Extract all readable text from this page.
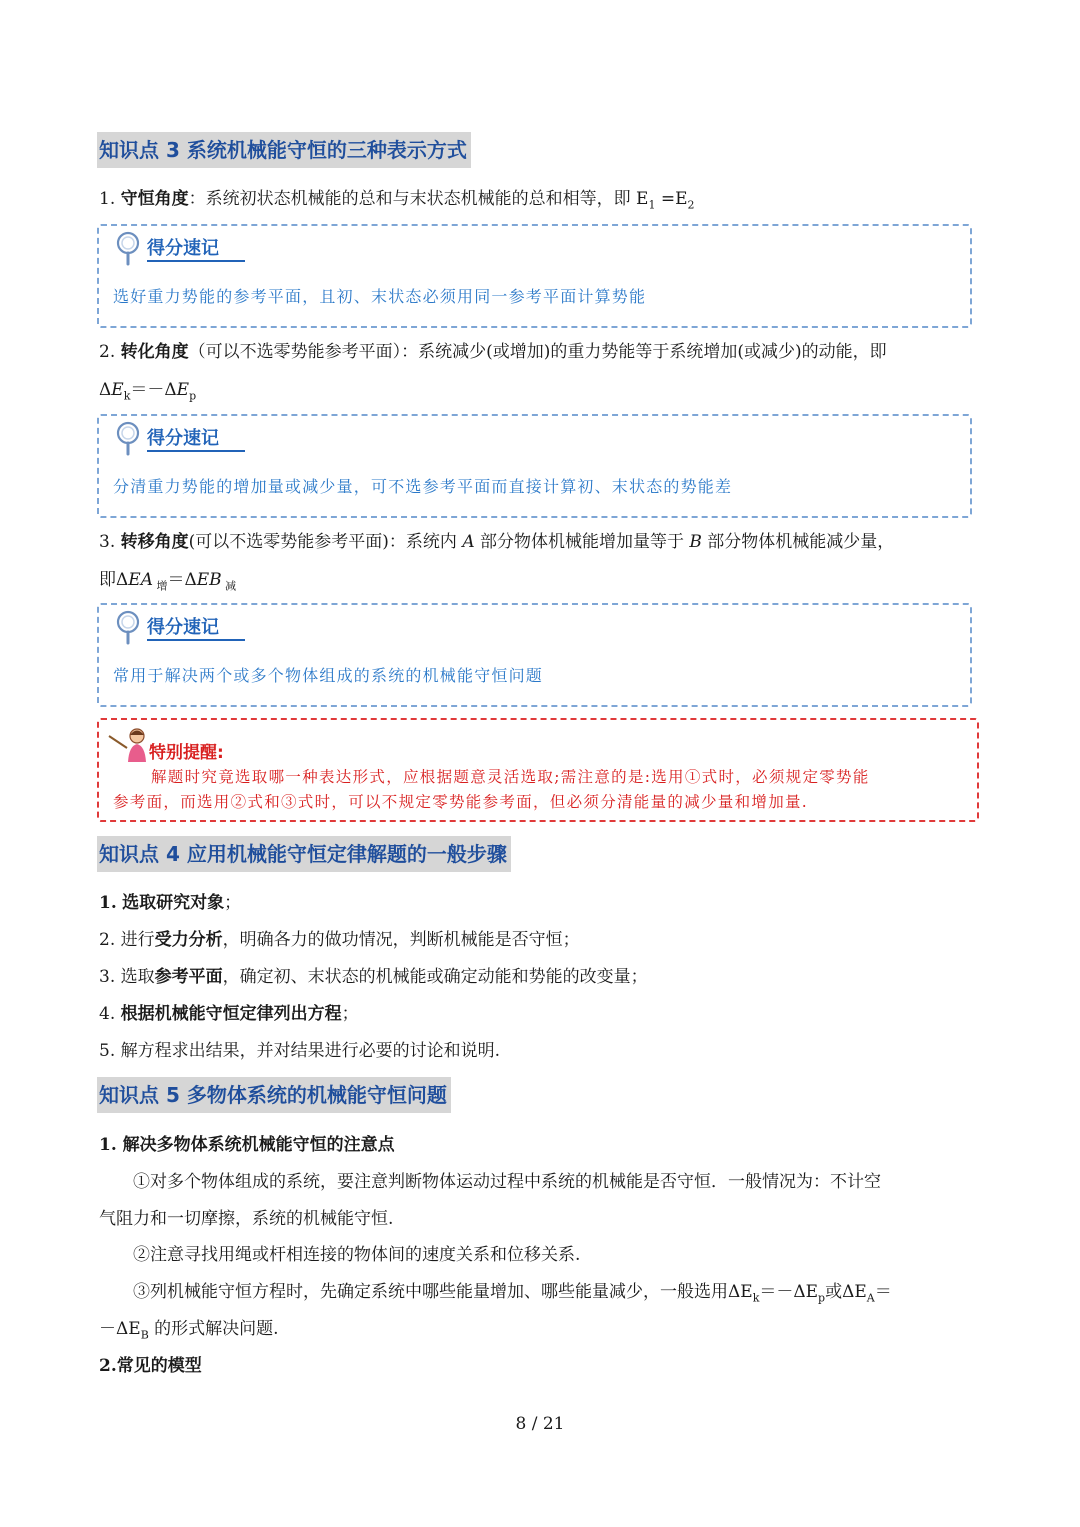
知识点 3 系统机械能守恒的三种表示方式
1. 守恒角度：系统初状态机械能的总和与末状态机械能的总和相等，即 $E_1 =E_2$
得分速记
选好重力势能的参考平面，且初、末状态必须用同一参考平面计算势能
2. 转化角度（可以不选零势能参考平面）：系统减少(或增加)的重力势能等于系统增加(或减少)的动能，即
$\Delta E_k=-\Delta E_p$
得分速记
分清重力势能的增加量或减少量，可不选参考平面而直接计算初、末状态的势能差
3. 转移角度(可以不选零势能参考平面)：系统内 A 部分物体机械能增加量等于 B 部分物体机械能减少量，
即ΔEA $_增$＝ΔEB $_减$
得分速记
常用于解决两个或多个物体组成的系统的机械能守恒问题
特别提醒:
解题时究竟选取哪一种表达形式，应根据题意灵活选取;需注意的是:选用①式时，必须规定零势能
参考面，而选用②式和③式时，可以不规定零势能参考面，但必须分清能量的减少量和增加量.
知识点 4 应用机械能守恒定律解题的一般步骤
1. 选取研究对象；
2. 进行受力分析，明确各力的做功情况，判断机械能是否守恒；
3. 选取参考平面，确定初、末状态的机械能或确定动能和势能的改变量；
4. 根据机械能守恒定律列出方程；
5. 解方程求出结果，并对结果进行必要的讨论和说明.
知识点 5 多物体系统的机械能守恒问题
1. 解决多物体系统机械能守恒的注意点
①对多个物体组成的系统，要注意判断物体运动过程中系统的机械能是否守恒．一般情况为：不计空
气阻力和一切摩擦，系统的机械能守恒.
②注意寻找用绳或杆相连接的物体间的速度关系和位移关系.
③列机械能守恒方程时，先确定系统中哪些能量增加、哪些能量减少，一般选用$\Delta E_k=-\Delta E_p$或$\Delta E_A=$
$-\Delta E_B$ 的形式解决问题.
2.常见的模型
8 / 21
